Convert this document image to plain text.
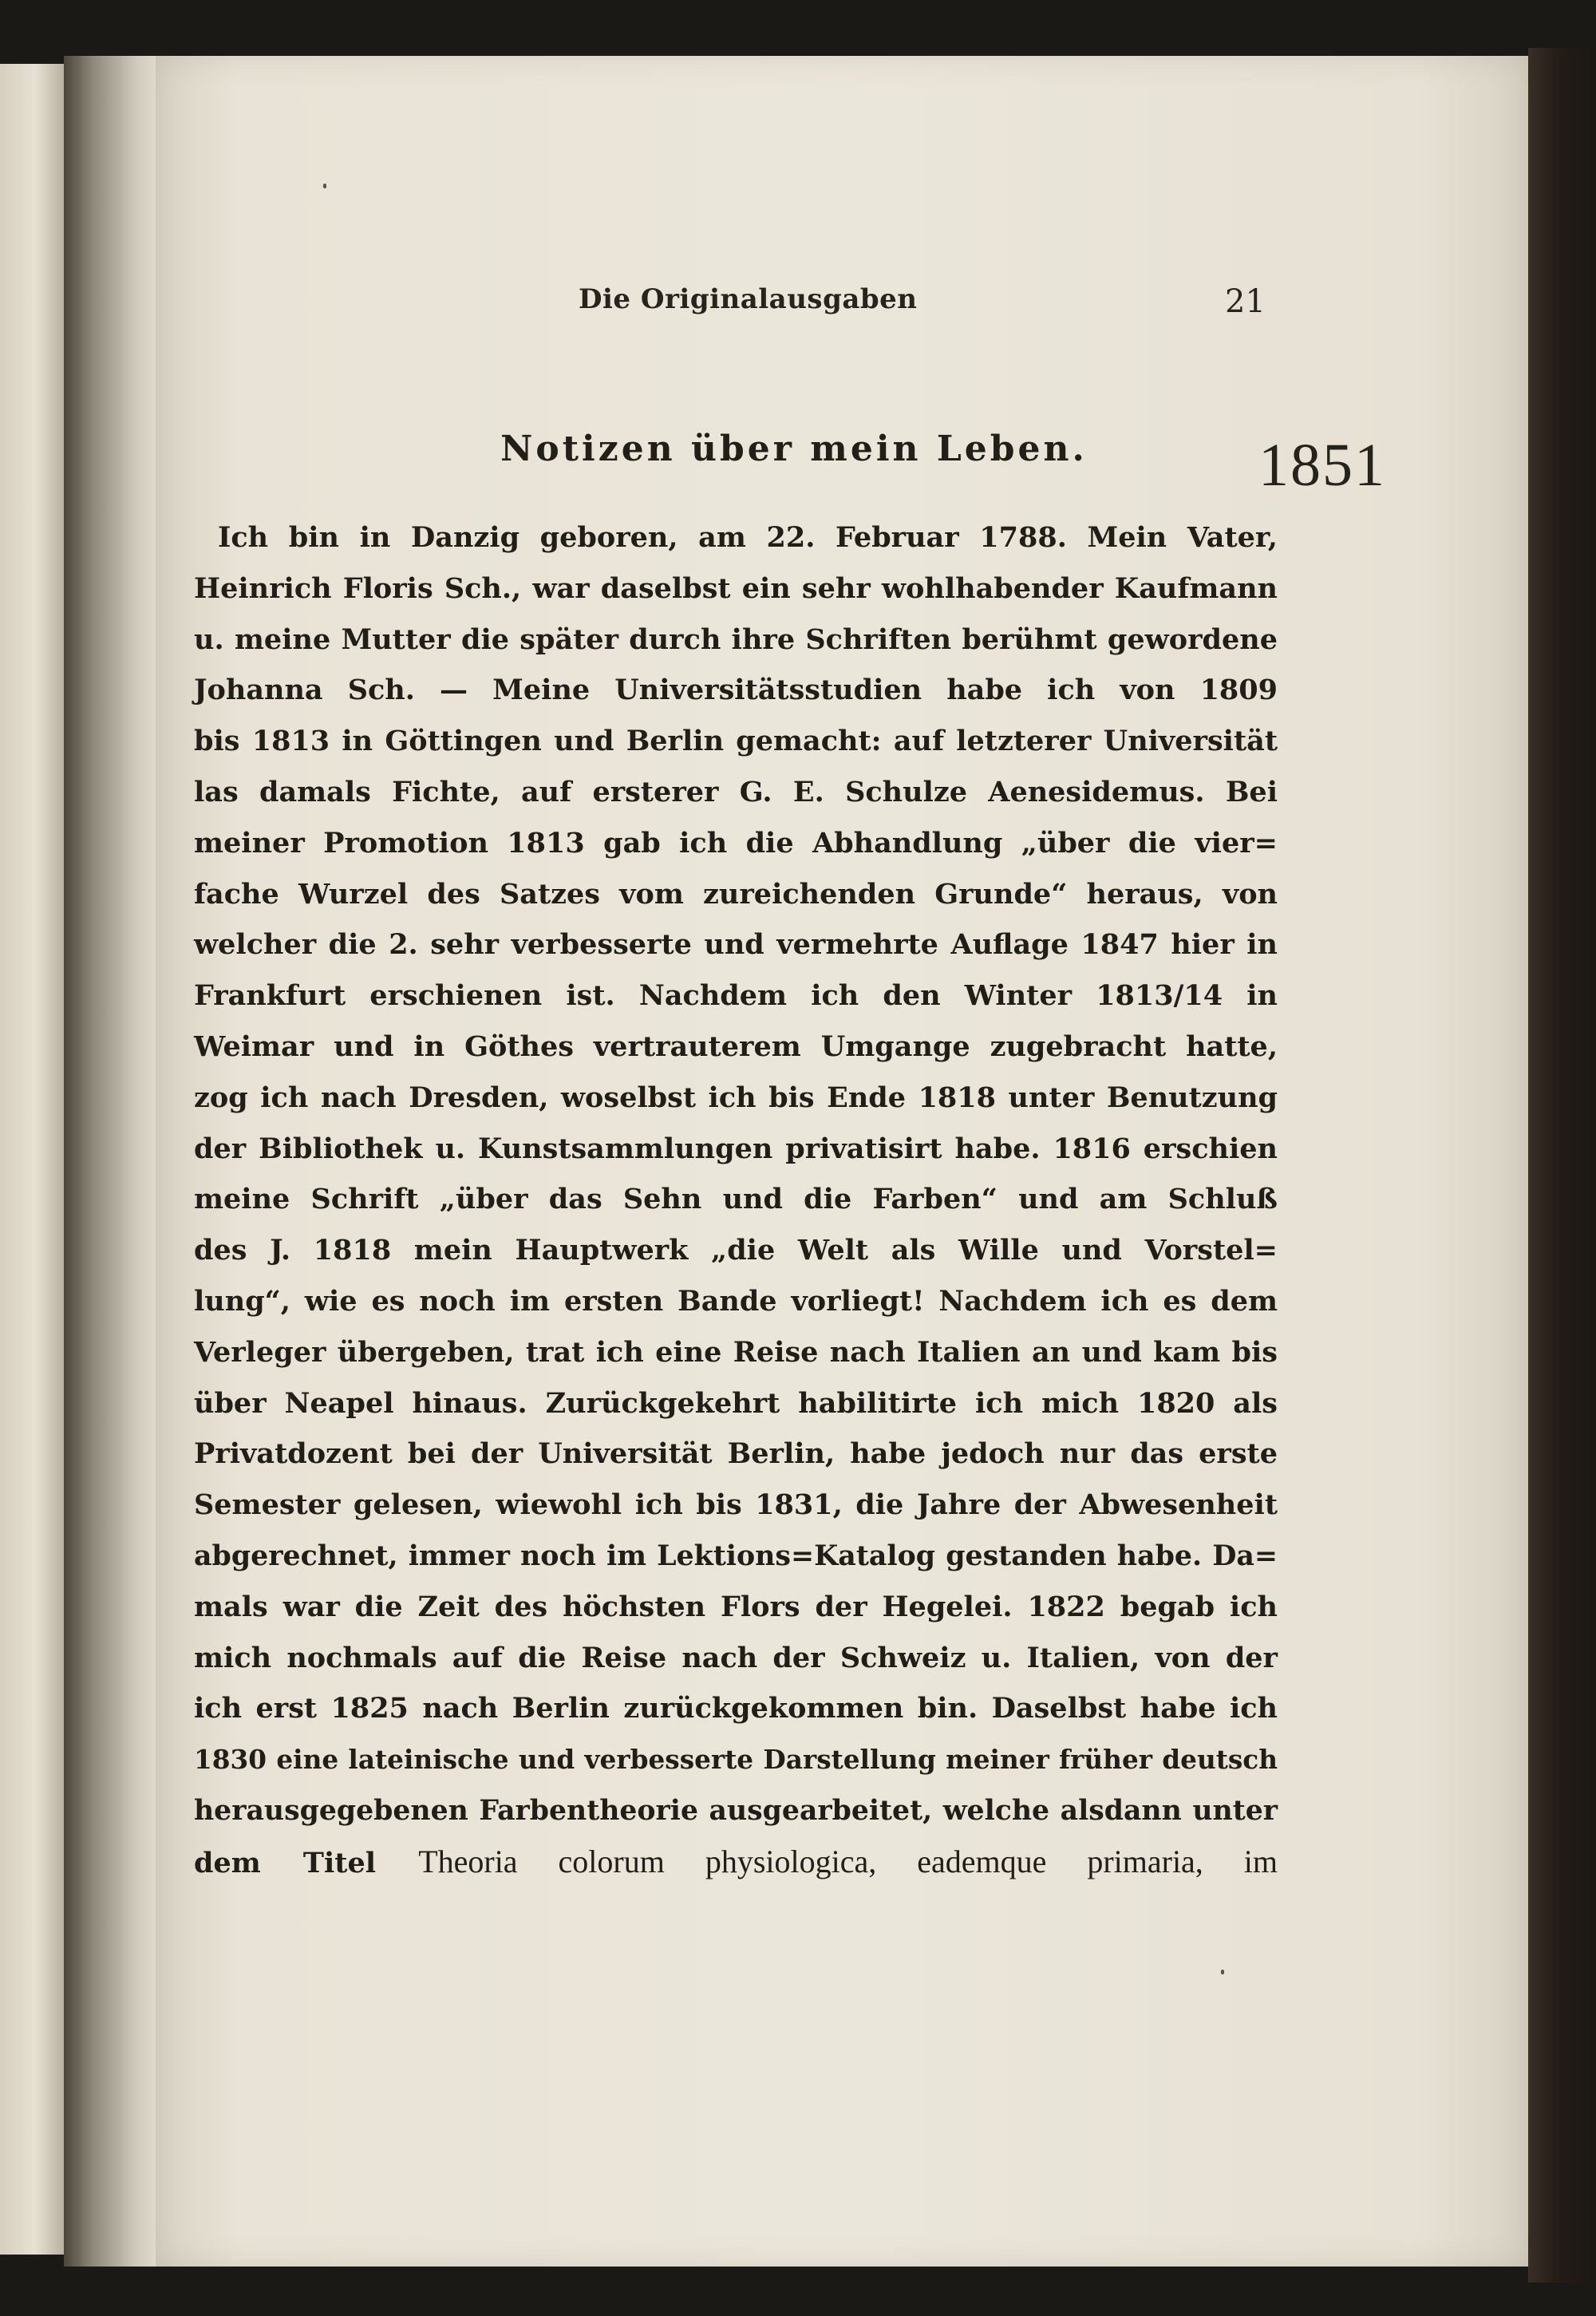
Die Originalausgaben	21
Notizen über mein Leben.	1851
Ich bin in Danzig geboren, am 22. Februar 1788. Mein Vater,
Heinrich Floris Sch., war daselbst ein sehr wohlhabender Kaufmann
u. meine Mutter die später durch ihre Schriften berühmt gewordene
Johanna Sch. — Meine Universitätsstudien habe ich von 1809
bis 1813 in Göttingen und Berlin gemacht: auf letzterer Universität
las damals Fichte, auf ersterer G. E. Schulze Aenesidemus. Bei
meiner Promotion 1813 gab ich die Abhandlung „über die vier=
fache Wurzel des Satzes vom zureichenden Grunde“ heraus, von
welcher die 2. sehr verbesserte und vermehrte Auflage 1847 hier in
Frankfurt erschienen ist. Nachdem ich den Winter 1813/14 in
Weimar und in Göthes vertrauterem Umgange zugebracht hatte,
zog ich nach Dresden, woselbst ich bis Ende 1818 unter Benutzung
der Bibliothek u. Kunstsammlungen privatisirt habe. 1816 erschien
meine Schrift „über das Sehn und die Farben“ und am Schluß
des J. 1818 mein Hauptwerk „die Welt als Wille und Vorstel=
lung“, wie es noch im ersten Bande vorliegt! Nachdem ich es dem
Verleger übergeben, trat ich eine Reise nach Italien an und kam bis
über Neapel hinaus. Zurückgekehrt habilitirte ich mich 1820 als
Privatdozent bei der Universität Berlin, habe jedoch nur das erste
Semester gelesen, wiewohl ich bis 1831, die Jahre der Abwesenheit
abgerechnet, immer noch im Lektions=Katalog gestanden habe. Da=
mals war die Zeit des höchsten Flors der Hegelei. 1822 begab ich
mich nochmals auf die Reise nach der Schweiz u. Italien, von der
ich erst 1825 nach Berlin zurückgekommen bin. Daselbst habe ich
1830 eine lateinische und verbesserte Darstellung meiner früher deutsch
herausgegebenen Farbentheorie ausgearbeitet, welche alsdann unter
dem Titel Theoria colorum physiologica, eademque primaria, im
